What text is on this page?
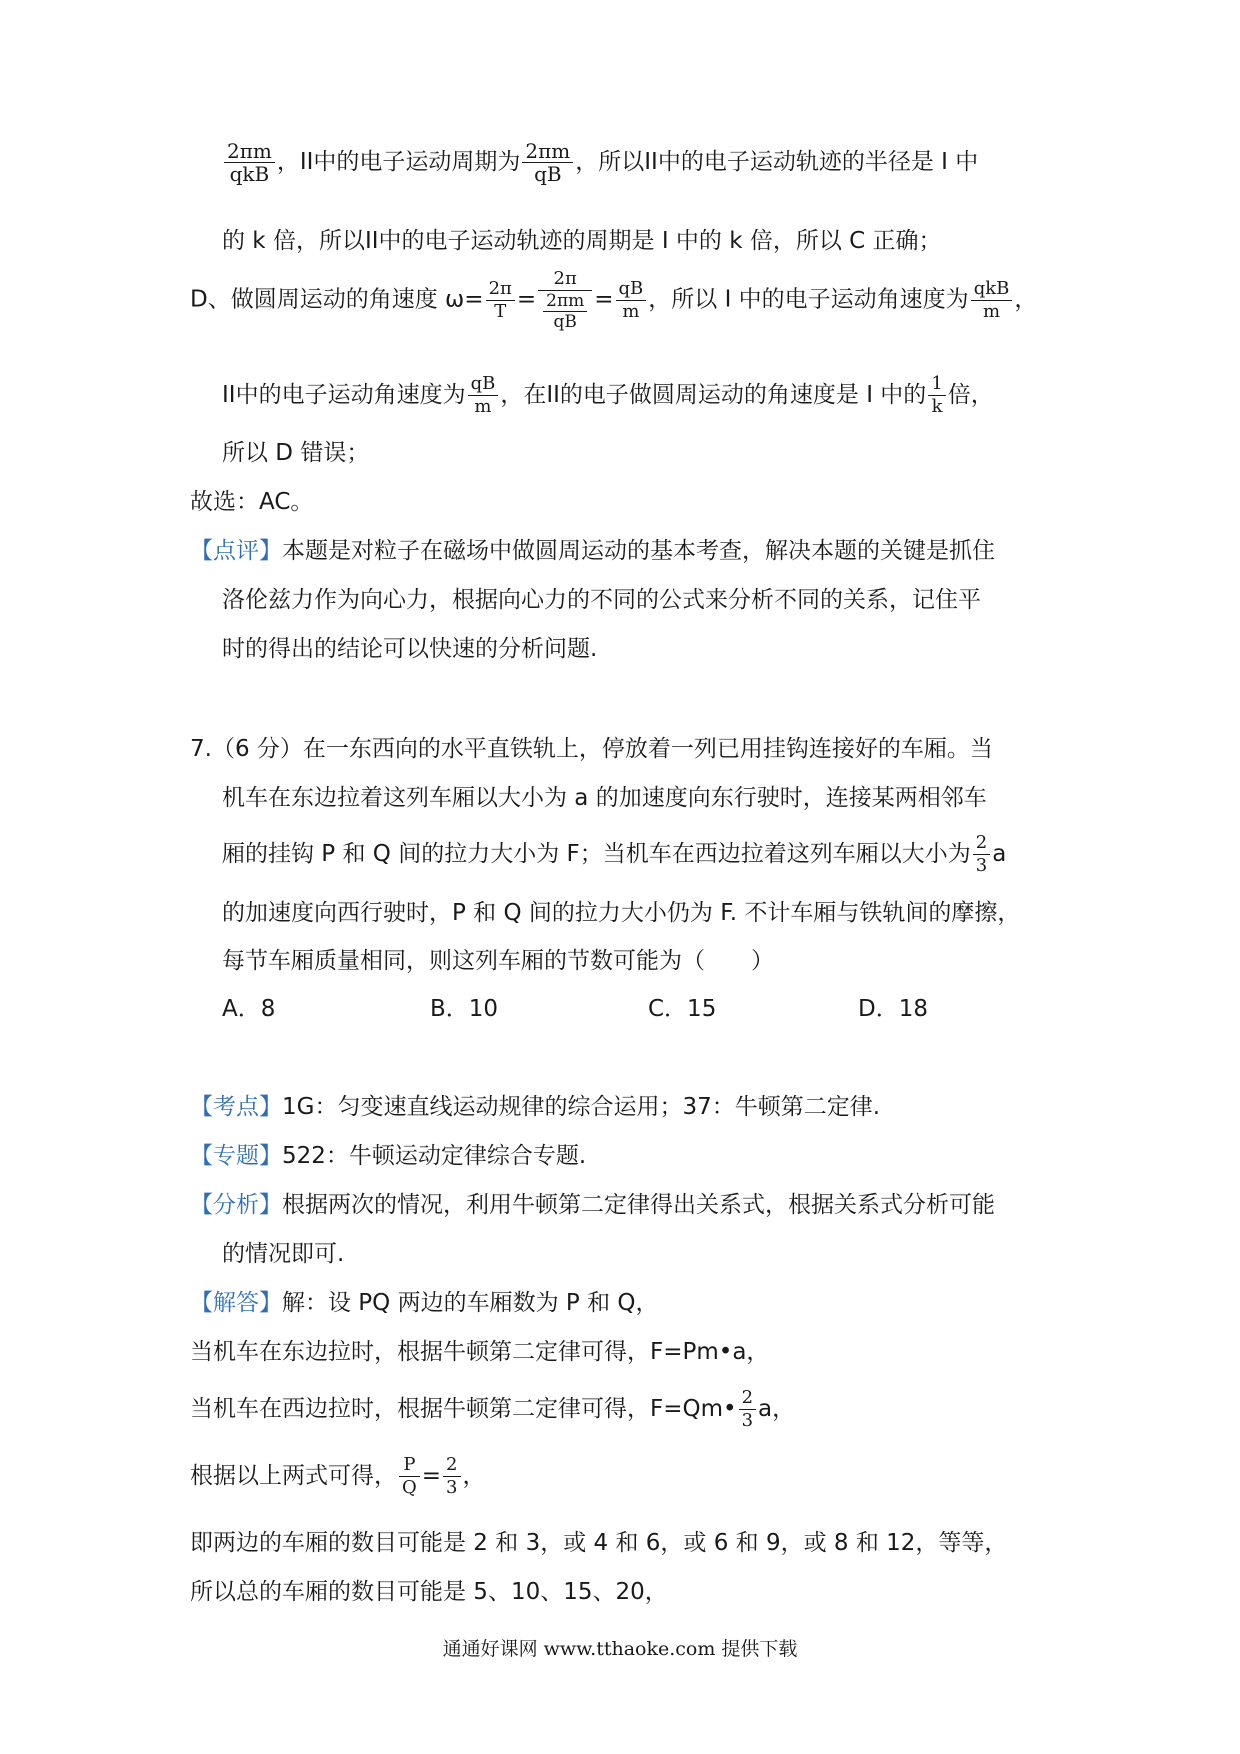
$\frac{2\pi m}{\text{qkB}}$ ，II中的电子运动周期为 $\frac{2\pi m}{qB}$ ，所以II中的电子运动轨迹的半径是 I 中
的 k 倍，所以II中的电子运动轨迹的周期是 I 中的 k 倍，所以 C 正确；
D、做圆周运动的角速度 $\omega= \frac{2\pi}{T} = \frac{2\pi}{\frac{2\pi m}{qB}} = \frac{qB}{m}$ ，所以 I 中的电子运动角速度为 $\frac{\text{qkB}}{m}$ ，
II中的电子运动角速度为 $\frac{qB}{m}$ ，在II的电子做圆周运动的角速度是 I 中的 $\frac{1}{k}$ 倍，
所以 D 错误；
故选：AC。
【点评】本题是对粒子在磁场中做圆周运动的基本考查，解决本题的关键是抓住
洛伦兹力作为向心力，根据向心力的不同的公式来分析不同的关系，记住平
时的得出的结论可以快速的分析问题.
7.（6 分）在一东西向的水平直铁轨上，停放着一列已用挂钩连接好的车厢。当
机车在东边拉着这列车厢以大小为 a 的加速度向东行驶时，连接某两相邻车
厢的挂钩 P 和 Q 间的拉力大小为 F；当机车在西边拉着这列车厢以大小为 $\frac{2}{3}$ a
的加速度向西行驶时，P 和 Q 间的拉力大小仍为 F. 不计车厢与铁轨间的摩擦，
每节车厢质量相同，则这列车厢的节数可能为（　　）
A．8	B．10	C．15	D．18
【考点】1G：匀变速直线运动规律的综合运用；37：牛顿第二定律.
【专题】522：牛顿运动定律综合专题.
【分析】根据两次的情况，利用牛顿第二定律得出关系式，根据关系式分析可能
的情况即可.
【解答】解：设 PQ 两边的车厢数为 P 和 Q，
当机车在东边拉时，根据牛顿第二定律可得，F=Pm•a，
当机车在西边拉时，根据牛顿第二定律可得，F=Qm• $\frac{2}{3}$ a，
根据以上两式可得， $\frac{P}{Q} = \frac{2}{3}$ ，
即两边的车厢的数目可能是 2 和 3，或 4 和 6，或 6 和 9，或 8 和 12，等等，
所以总的车厢的数目可能是 5、10、15、20，
通通好课网 www.tthaoke.com 提供下载
